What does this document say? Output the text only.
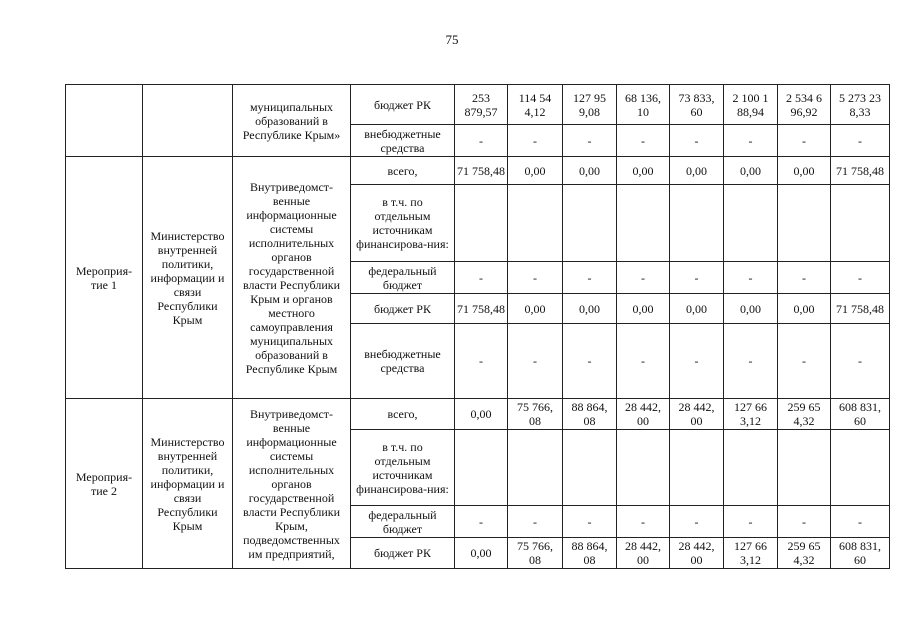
75
		муниципальных образований в Республике Крым»	бюджет РК	253 879,57	114 54 4,12	127 95 9,08	68 136, 10	73 833, 60	2 100 1 88,94	2 534 6 96,92	5 273 23 8,33
			внебюджетные средства	-	-	-	-	-	-	-	-
Мероприя-тие 1	Министерство внутренней политики, информации и связи Республики Крым	Внутриведомст-венные информационные системы исполнительных органов государственной власти Республики Крым и органов местного самоуправления муниципальных образований в Республике Крым	всего,	71 758,48	0,00	0,00	0,00	0,00	0,00	0,00	71 758,48
			в т.ч. по отдельным источникам финансирова-ния:								
			федеральный бюджет	-	-	-	-	-	-	-	-
			бюджет РК	71 758,48	0,00	0,00	0,00	0,00	0,00	0,00	71 758,48
			внебюджетные средства	-	-	-	-	-	-	-	-
Мероприя-тие 2	Министерство внутренней политики, информации и связи Республики Крым	Внутриведомст-венные информационные системы исполнительных органов государственной власти Республики Крым, подведомственных им предприятий,	всего,	0,00	75 766, 08	88 864, 08	28 442, 00	28 442, 00	127 66 3,12	259 65 4,32	608 831, 60
			в т.ч. по отдельным источникам финансирова-ния:								
			федеральный бюджет	-	-	-	-	-	-	-	-
			бюджет РК	0,00	75 766, 08	88 864, 08	28 442, 00	28 442, 00	127 66 3,12	259 65 4,32	608 831, 60
